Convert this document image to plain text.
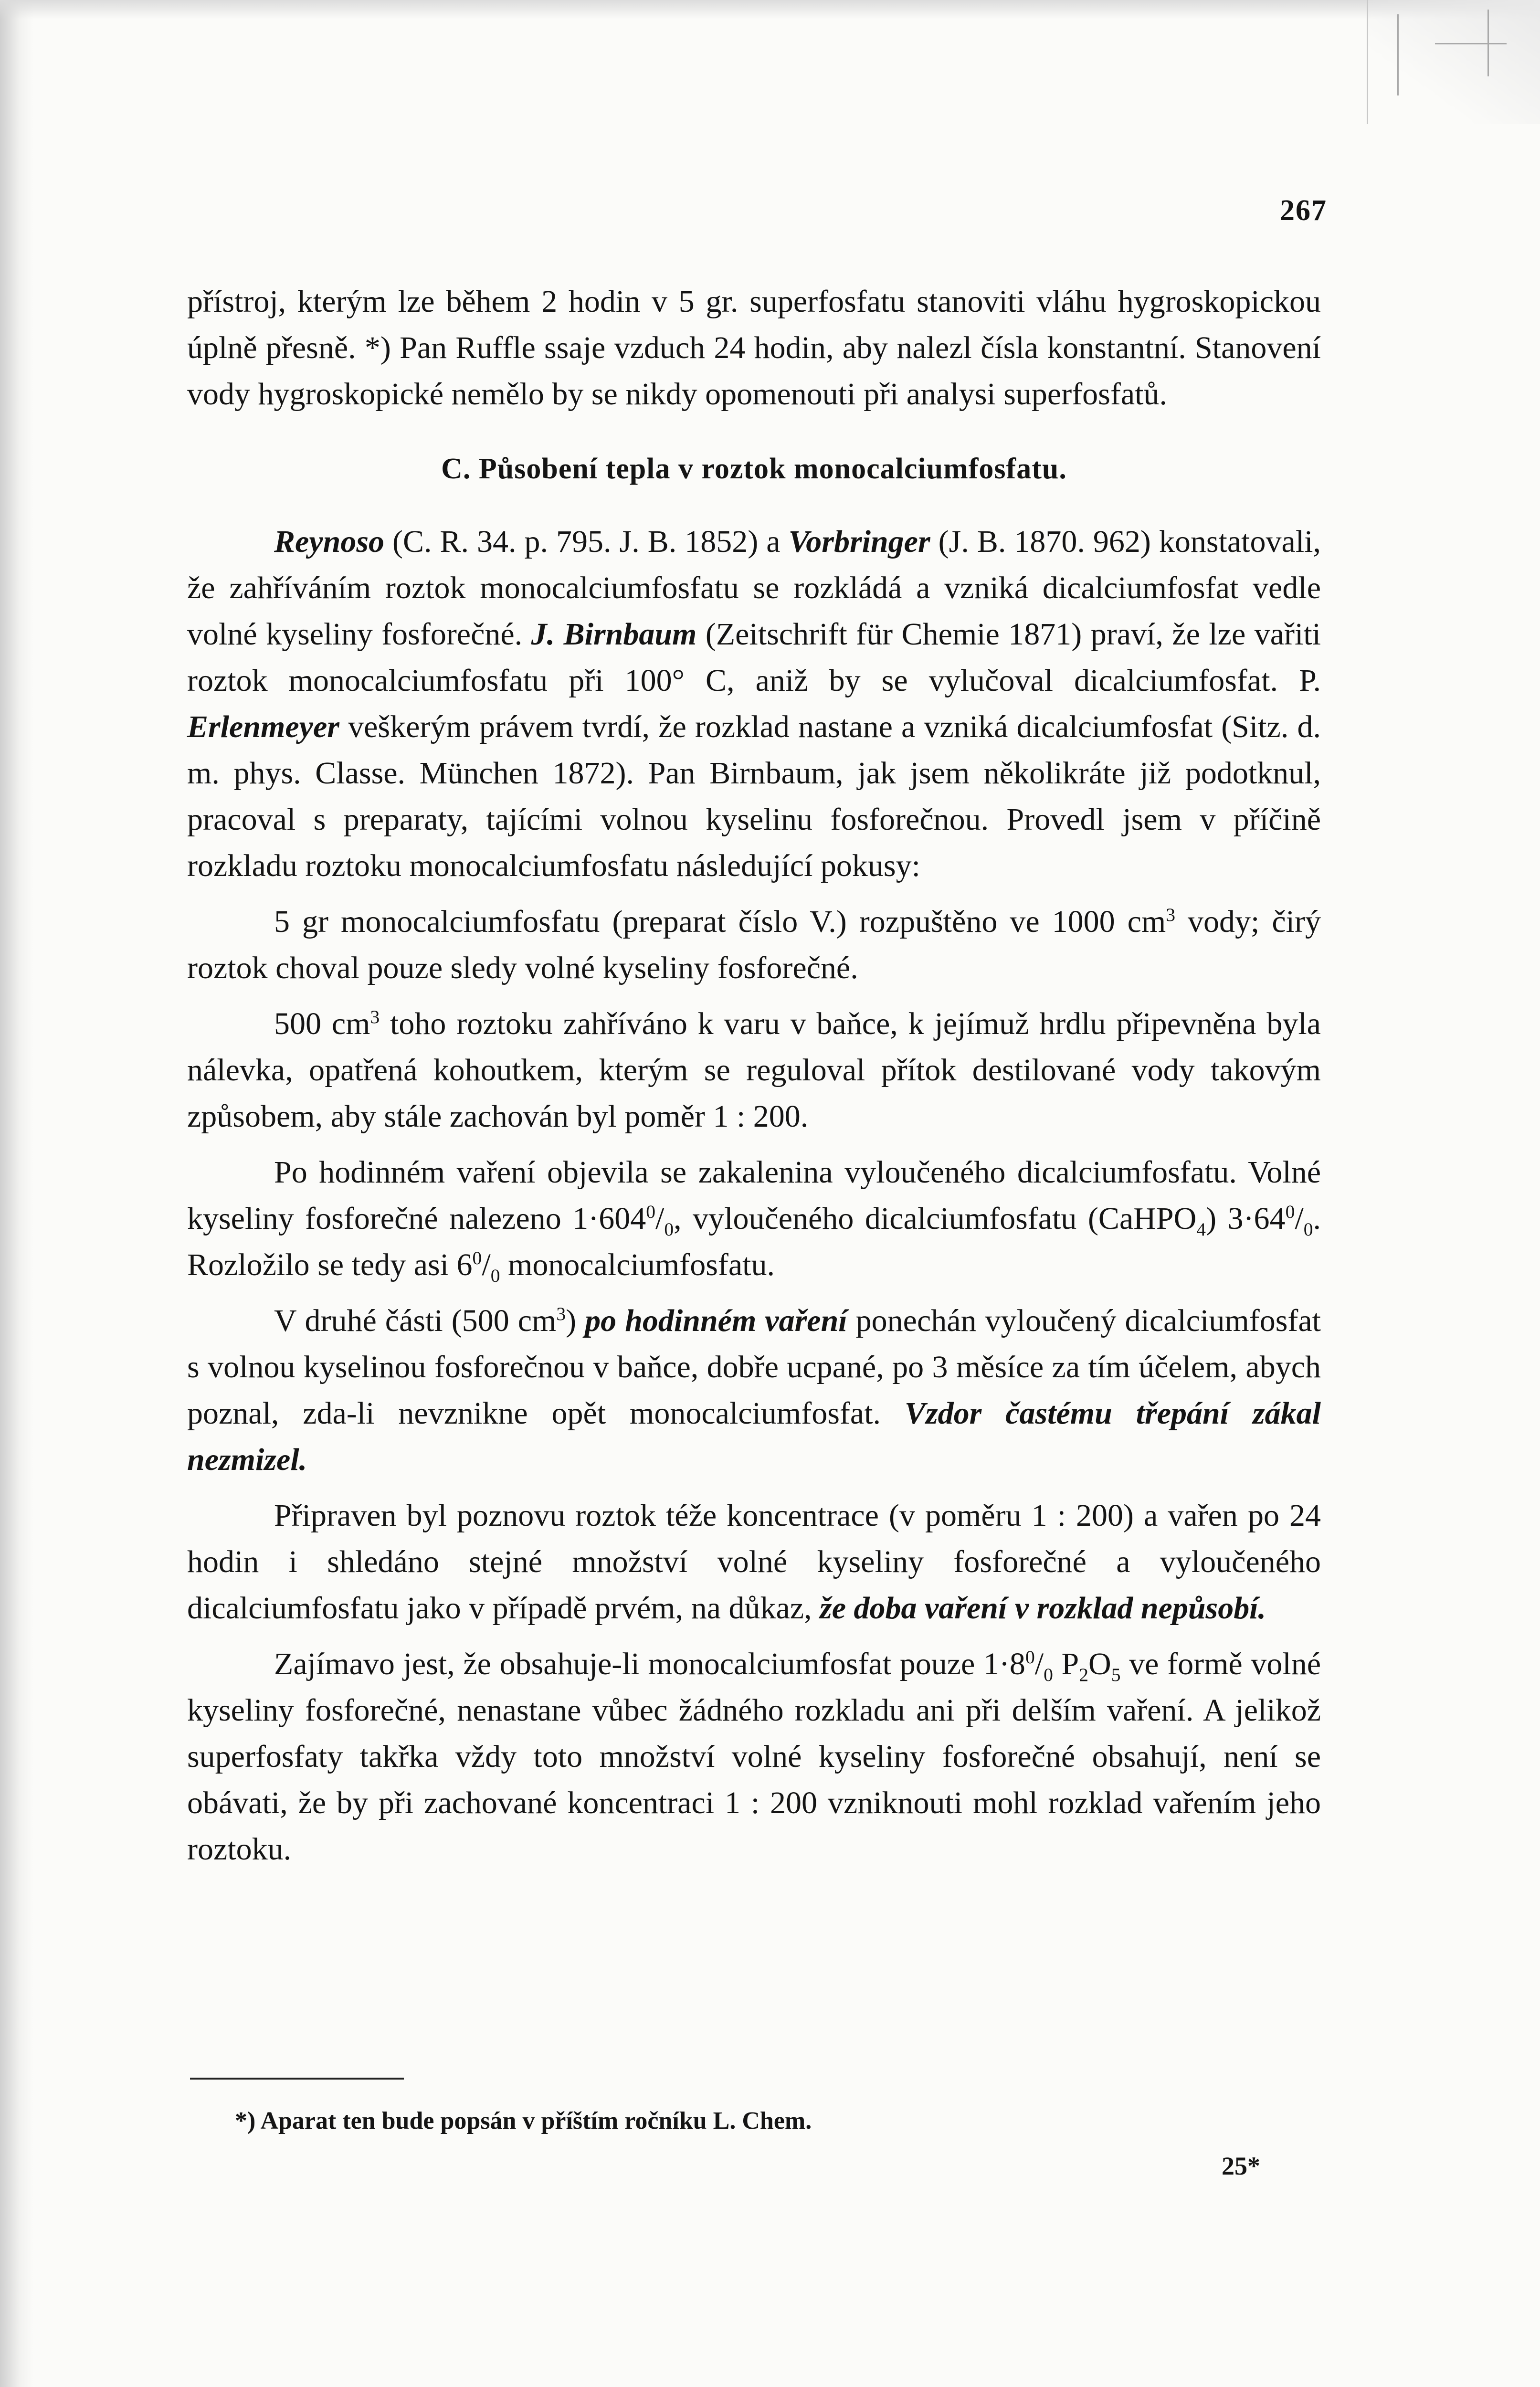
267

přístroj, kterým lze během 2 hodin v 5 gr. superfosfatu stanoviti vláhu hygroskopickou úplně přesně. *) Pan Ruffle ssaje vzduch 24 hodin, aby nalezl čísla konstantní. Stanovení vody hygroskopické nemělo by se nikdy opomenouti při analysi superfosfatů.

C. Působení tepla v roztok monocalciumfosfatu.

Reynoso (C. R. 34. p. 795. J. B. 1852) a Vorbringer (J. B. 1870. 962) konstatovali, že zahříváním roztok monocalciumfosfatu se rozkládá a vzniká dicalciumfosfat vedle volné kyseliny fosforečné. J. Birnbaum (Zeitschrift für Chemie 1871) praví, že lze vařiti roztok monocalciumfosfatu při 100° C, aniž by se vylučoval dicalciumfosfat. P. Erlenmeyer veškerým právem tvrdí, že rozklad nastane a vzniká dicalciumfosfat (Sitz. d. m. phys. Classe. München 1872). Pan Birnbaum, jak jsem několikráte již podotknul, pracoval s preparaty, tajícími volnou kyselinu fosforečnou. Provedl jsem v příčině rozkladu roztoku monocalciumfosfatu následující pokusy:

5 gr monocalciumfosfatu (preparat číslo V.) rozpuštěno ve 1000 $cm^3$ vody; čirý roztok choval pouze sledy volné kyseliny fosforečné.

500 $cm^3$ toho roztoku zahříváno k varu v baňce, k jejímuž hrdlu připevněna byla nálevka, opatřená kohoutkem, kterým se reguloval přítok destilované vody takovým způsobem, aby stále zachován byl poměr 1 : 200.

Po hodinném vaření objevila se zakalenina vyloučeného dicalciumfosfatu. Volné kyseliny fosforečné nalezeno $1\cdot 604^0/_0$, vyloučeného dicalciumfosfatu (CaHPO$_4$) $3\cdot 64^0/_0$. Rozložilo se tedy asi $6^0/_0$ monocalciumfosfatu.

V druhé části (500 $cm^3$) po hodinném vaření ponechán vyloučený dicalciumfosfat s volnou kyselinou fosforečnou v baňce, dobře ucpané, po 3 měsíce za tím účelem, abych poznal, zda-li nevznikne opět monocalciumfosfat. Vzdor častému třepání zákal nezmizel.

Připraven byl poznovu roztok téže koncentrace (v poměru 1 : 200) a vařen po 24 hodin i shledáno stejné množství volné kyseliny fosforečné a vyloučeného dicalciumfosfatu jako v případě prvém, na důkaz, že doba vaření v rozklad nepůsobí.

Zajímavo jest, že obsahuje-li monocalciumfosfat pouze $1\cdot 8^0/_0$ $P_2O_5$ ve formě volné kyseliny fosforečné, nenastane vůbec žádného rozkladu ani při delším vaření. A jelikož superfosfaty takřka vždy toto množství volné kyseliny fosforečné obsahují, není se obávati, že by při zachované koncentraci 1 : 200 vzniknouti mohl rozklad vařením jeho roztoku.

*) Aparat ten bude popsán v příštím ročníku L. Chem.
25*
